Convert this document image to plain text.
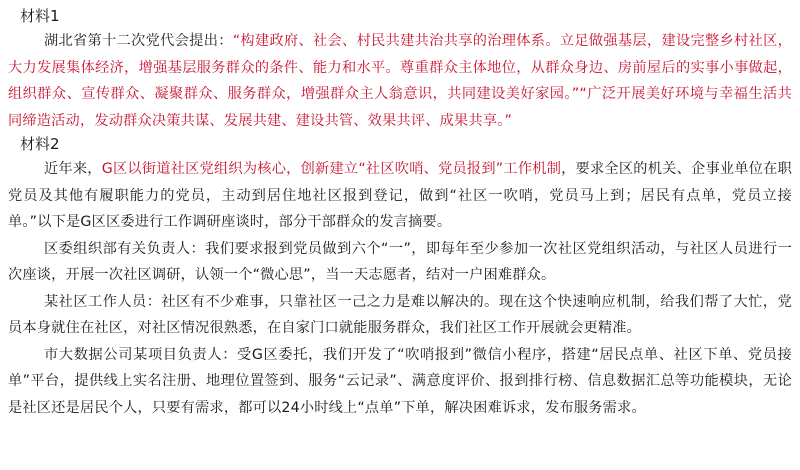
材料1

湖北省第十二次党代会提出：“构建政府、社会、村民共建共治共享的治理体系。立足做强基层，建设完整乡村社区，大力发展集体经济，增强基层服务群众的条件、能力和水平。尊重群众主体地位，从群众身边、房前屋后的实事小事做起，组织群众、宣传群众、凝聚群众、服务群众，增强群众主人翁意识，共同建设美好家园。”“广泛开展美好环境与幸福生活共同缔造活动，发动群众决策共谋、发展共建、建设共管、效果共评、成果共享。”

材料2

近年来，G区以街道社区党组织为核心，创新建立“社区吹哨、党员报到”工作机制，要求全区的机关、企事业单位在职党员及其他有履职能力的党员，主动到居住地社区报到登记，做到“社区一吹哨，党员马上到；居民有点单，党员立接单。”以下是G区区委进行工作调研座谈时，部分干部群众的发言摘要。

区委组织部有关负责人：我们要求报到党员做到六个“一”，即每年至少参加一次社区党组织活动，与社区人员进行一次座谈，开展一次社区调研，认领一个“微心思”，当一天志愿者，结对一户困难群众。

某社区工作人员：社区有不少难事，只靠社区一己之力是难以解决的。现在这个快速响应机制，给我们帮了大忙，党员本身就住在社区，对社区情况很熟悉，在自家门口就能服务群众，我们社区工作开展就会更精准。

市大数据公司某项目负责人：受G区委托，我们开发了“吹哨报到”微信小程序，搭建“居民点单、社区下单、党员接单”平台，提供线上实名注册、地理位置签到、服务“云记录”、满意度评价、报到排行榜、信息数据汇总等功能模块，无论是社区还是居民个人，只要有需求，都可以24小时线上“点单”下单，解决困难诉求，发布服务需求。
